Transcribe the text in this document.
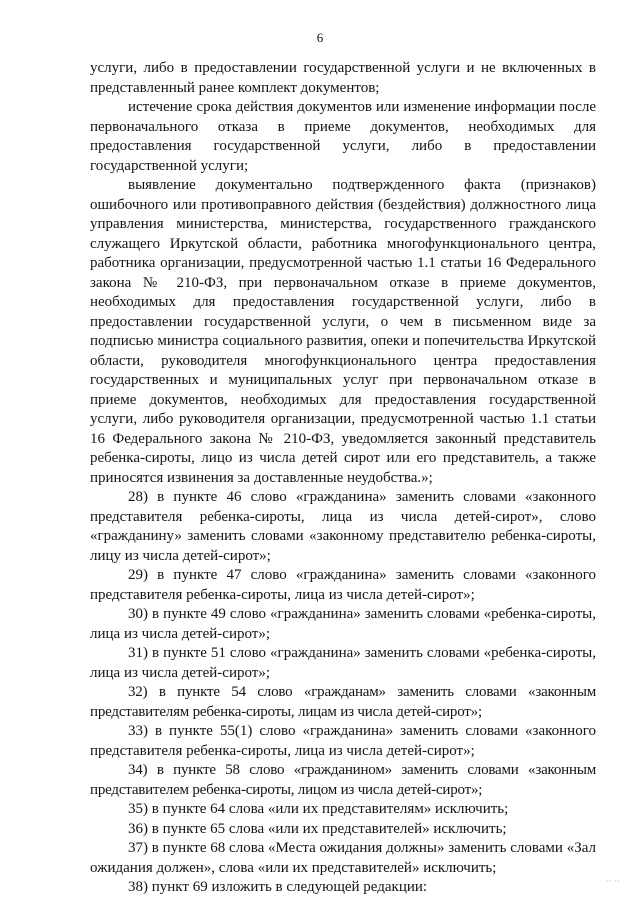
6

услуги, либо в предоставлении государственной услуги и не включенных в представленный ранее комплект документов;

истечение срока действия документов или изменение информации после первоначального отказа в приеме документов, необходимых для предоставления государственной услуги, либо в предоставлении государственной услуги;

выявление документально подтвержденного факта (признаков) ошибочного или противоправного действия (бездействия) должностного лица управления министерства, министерства, государственного гражданского служащего Иркутской области, работника многофункционального центра, работника организации, предусмотренной частью 1.1 статьи 16 Федерального закона № 210-ФЗ, при первоначальном отказе в приеме документов, необходимых для предоставления государственной услуги, либо в предоставлении государственной услуги, о чем в письменном виде за подписью министра социального развития, опеки и попечительства Иркутской области, руководителя многофункционального центра предоставления государственных и муниципальных услуг при первоначальном отказе в приеме документов, необходимых для предоставления государственной услуги, либо руководителя организации, предусмотренной частью 1.1 статьи 16 Федерального закона № 210-ФЗ, уведомляется законный представитель ребенка-сироты, лицо из числа детей сирот или его представитель, а также приносятся извинения за доставленные неудобства.»;

28) в пункте 46 слово «гражданина» заменить словами «законного представителя ребенка-сироты, лица из числа детей-сирот», слово «гражданину» заменить словами «законному представителю ребенка-сироты, лицу из числа детей-сирот»;

29) в пункте 47 слово «гражданина» заменить словами «законного представителя ребенка-сироты, лица из числа детей-сирот»;

30) в пункте 49 слово «гражданина» заменить словами «ребенка-сироты, лица из числа детей-сирот»;

31) в пункте 51 слово «гражданина» заменить словами «ребенка-сироты, лица из числа детей-сирот»;

32) в пункте 54 слово «гражданам» заменить словами «законным представителям ребенка-сироты, лицам из числа детей-сирот»;

33) в пункте 55(1) слово «гражданина» заменить словами «законного представителя ребенка-сироты, лица из числа детей-сирот»;

34) в пункте 58 слово «гражданином» заменить словами «законным представителем ребенка-сироты, лицом из числа детей-сирот»;

35) в пункте 64 слова «или их представителям» исключить;

36) в пункте 65 слова «или их представителей» исключить;

37) в пункте 68 слова «Места ожидания должны» заменить словами «Зал ожидания должен», слова «или их представителей» исключить;

38) пункт 69 изложить в следующей редакции:	·· ··
